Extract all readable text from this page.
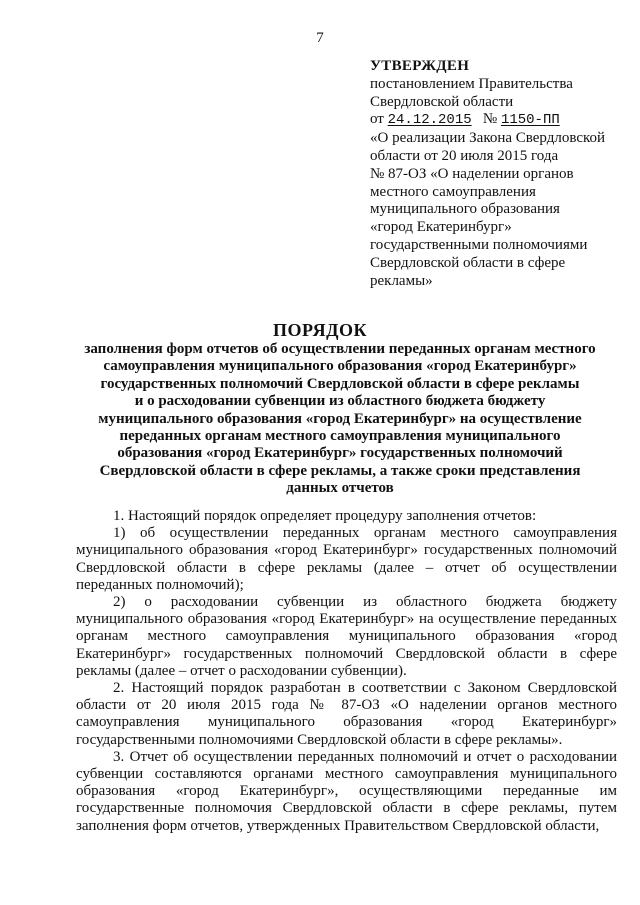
7
УТВЕРЖДЕН
постановлением Правительства
Свердловской области
от 24.12.2015 № 1150-ПП
«О реализации Закона Свердловской
области от 20 июля 2015 года
№ 87-ОЗ «О наделении органов
местного самоуправления
муниципального образования
«город Екатеринбург»
государственными полномочиями
Свердловской области в сфере
рекламы»
ПОРЯДОК
заполнения форм отчетов об осуществлении переданных органам местного
самоуправления муниципального образования «город Екатеринбург»
государственных полномочий Свердловской области в сфере рекламы
и о расходовании субвенции из областного бюджета бюджету
муниципального образования «город Екатеринбург» на осуществление
переданных органам местного самоуправления муниципального
образования «город Екатеринбург» государственных полномочий
Свердловской области в сфере рекламы, а также сроки представления
данных отчетов

1. Настоящий порядок определяет процедуру заполнения отчетов:

1) об осуществлении переданных органам местного самоуправления муниципального образования «город Екатеринбург» государственных полномочий Свердловской области в сфере рекламы (далее – отчет об осуществлении переданных полномочий);

2) о расходовании субвенции из областного бюджета бюджету муниципального образования «город Екатеринбург» на осуществление переданных органам местного самоуправления муниципального образования «город Екатеринбург» государственных полномочий Свердловской области в сфере рекламы (далее – отчет о расходовании субвенции).

2. Настоящий порядок разработан в соответствии с Законом Свердловской области от 20 июля 2015 года № 87-ОЗ «О наделении органов местного самоуправления муниципального образования «город Екатеринбург» государственными полномочиями Свердловской области в сфере рекламы».

3. Отчет об осуществлении переданных полномочий и отчет о расходовании субвенции составляются органами местного самоуправления муниципального образования «город Екатеринбург», осуществляющими переданные им государственные полномочия Свердловской области в сфере рекламы, путем заполнения форм отчетов, утвержденных Правительством Свердловской области,
